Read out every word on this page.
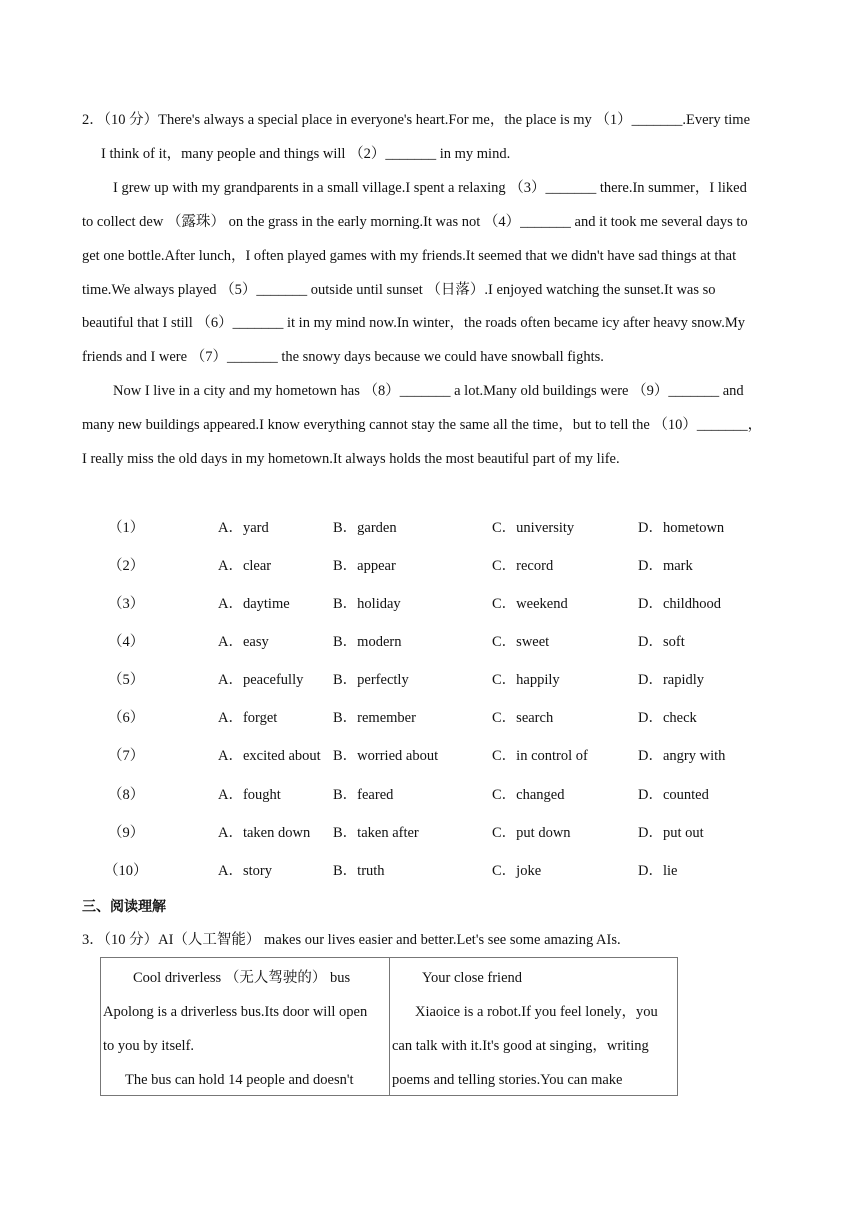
2．（10 分）There's always a special place in everyone's heart.For me，the place is my （1）_______.Every time
I think of it，many people and things will （2）_______ in my mind.
I grew up with my grandparents in a small village.I spent a relaxing （3）_______ there.In summer，I liked
to collect dew （露珠） on the grass in the early morning.It was not （4）_______ and it took me several days to
get one bottle.After lunch，I often played games with my friends.It seemed that we didn't have sad things at that
time.We always played （5）_______ outside until sunset （日落）.I enjoyed watching the sunset.It was so
beautiful that I still （6）_______ it in my mind now.In winter，the roads often became icy after heavy snow.My
friends and I were （7）_______ the snowy days because we could have snowball fights.
Now I live in a city and my hometown has （8）_______ a lot.Many old buildings were （9）_______ and
many new buildings appeared.I know everything cannot stay the same all the time，but to tell the （10）_______，
I really miss the old days in my hometown.It always holds the most beautiful part of my life.
（1）	A．yard	B．garden	C．university	D．hometown
（2）	A．clear	B．appear	C．record	D．mark
（3）	A．daytime	B．holiday	C．weekend	D．childhood
（4）	A．easy	B．modern	C．sweet	D．soft
（5）	A．peacefully B．perfectly	C．happily	D．rapidly
（6）	A．forget	B．remember	C．search	D．check
（7）	A．excited about B．worried about	C．in control of	D．angry with
（8）	A．fought	B．feared	C．changed	D．counted
（9）	A．taken down B．taken after	C．put down	D．put out
（10）	A．story	B．truth	C．joke	D．lie
三、阅读理解
3．（10 分）AI（人工智能） makes our lives easier and better.Let's see some amazing AIs.
Cool driverless （无人驾驶的） bus
Apolong is a driverless bus.Its door will open
to you by itself.
The bus can hold 14 people and doesn't

Your close friend
Xiaoice is a robot.If you feel lonely，you
can talk with it.It's good at singing，writing
poems and telling stories.You can make
